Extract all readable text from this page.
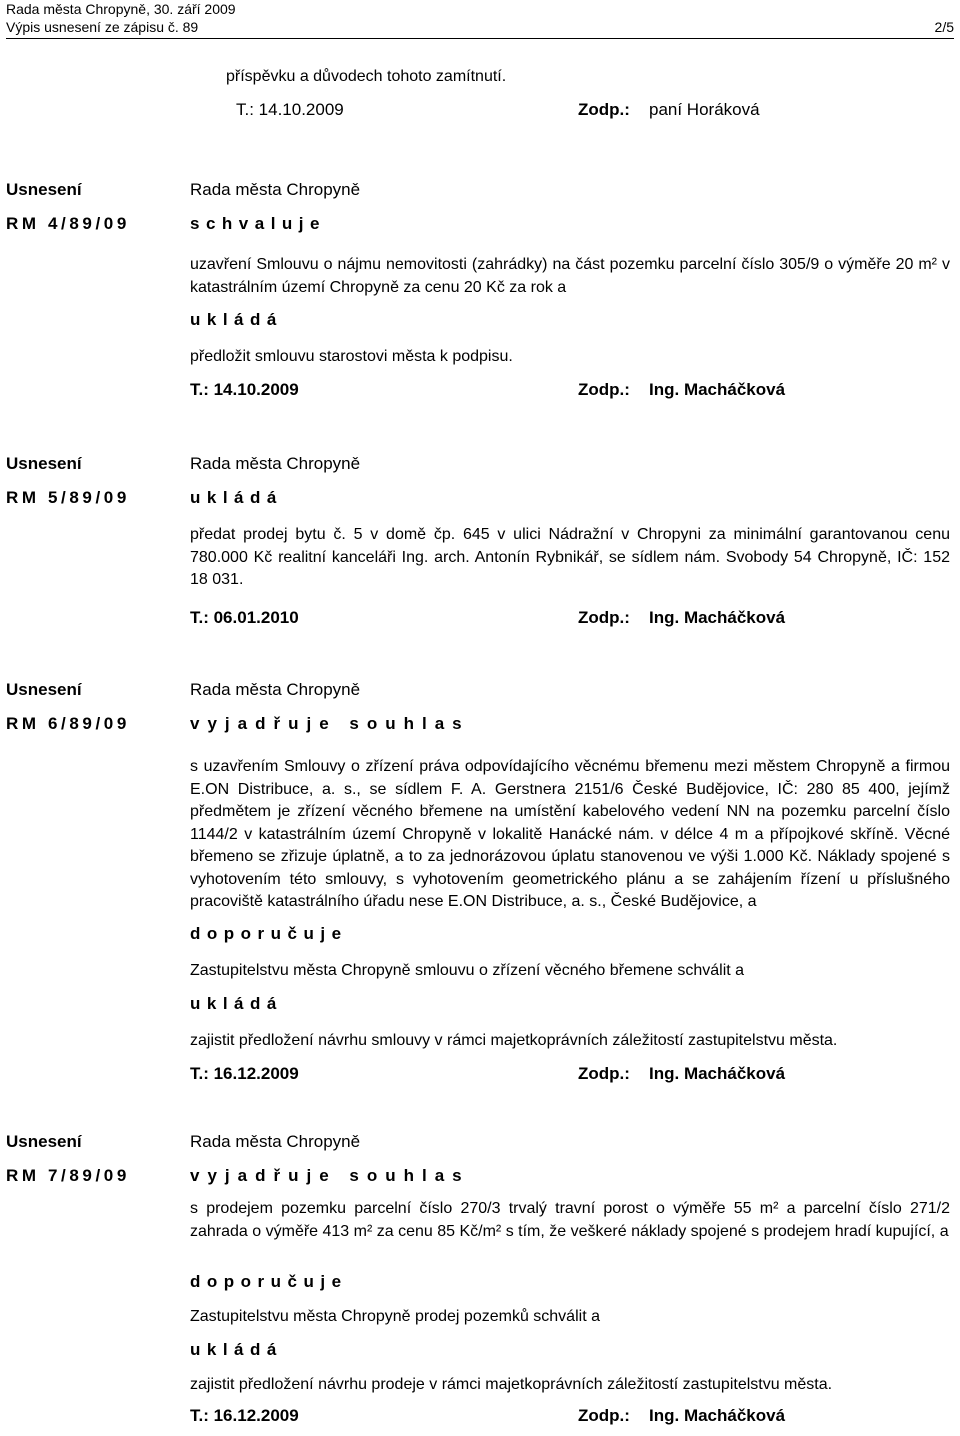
Rada města Chropyně, 30. září 2009
Výpis usnesení ze zápisu č. 89	2/5
příspěvku a důvodech tohoto zamítnutí.
T.: 14.10.2009	Zodp.: paní Horáková
Usnesení	Rada města Chropyně
RM 4/89/09	schvaluje
uzavření Smlouvu o nájmu nemovitosti (zahrádky) na část pozemku parcelní číslo 305/9 o výměře 20 m² v katastrálním území Chropyně za cenu 20 Kč za rok a
ukládá
předložit smlouvu starostovi města k podpisu.
T.: 14.10.2009	Zodp.: Ing. Macháčková
Usnesení	Rada města Chropyně
RM 5/89/09	ukládá
předat prodej bytu č. 5 v domě čp. 645 v ulici Nádražní v Chropyni za minimální garantovanou cenu 780.000 Kč realitní kanceláři Ing. arch. Antonín Rybnikář, se sídlem nám. Svobody 54 Chropyně, IČ: 152 18 031.
T.: 06.01.2010	Zodp.: Ing. Macháčková
Usnesení	Rada města Chropyně
RM 6/89/09	vyjadřuje souhlas
s uzavřením Smlouvy o zřízení práva odpovídajícího věcnému břemenu mezi městem Chropyně a firmou E.ON Distribuce, a. s., se sídlem F. A. Gerstnera 2151/6 České Budějovice, IČ: 280 85 400, jejímž předmětem je zřízení věcného břemene na umístění kabelového vedení NN na pozemku parcelní číslo 1144/2 v katastrálním území Chropyně v lokalitě Hanácké nám. v délce 4 m a přípojkové skříně. Věcné břemeno se zřizuje úplatně, a to za jednorázovou úplatu stanovenou ve výši 1.000 Kč. Náklady spojené s vyhotovením této smlouvy, s vyhotovením geometrického plánu a se zahájením řízení u příslušného pracoviště katastrálního úřadu nese E.ON Distribuce, a. s., České Budějovice, a
doporučuje
Zastupitelstvu města Chropyně smlouvu o zřízení věcného břemene schválit a
ukládá
zajistit předložení návrhu smlouvy v rámci majetkoprávních záležitostí zastupitelstvu města.
T.: 16.12.2009	Zodp.: Ing. Macháčková
Usnesení	Rada města Chropyně
RM 7/89/09	vyjadřuje souhlas
s prodejem pozemku parcelní číslo 270/3 trvalý travní porost o výměře 55 m² a parcelní číslo 271/2 zahrada o výměře 413 m² za cenu 85 Kč/m² s tím, že veškeré náklady spojené s prodejem hradí kupující, a
doporučuje
Zastupitelstvu města Chropyně prodej pozemků schválit a
ukládá
zajistit předložení návrhu prodeje v rámci majetkoprávních záležitostí zastupitelstvu města.
T.: 16.12.2009	Zodp.: Ing. Macháčková
